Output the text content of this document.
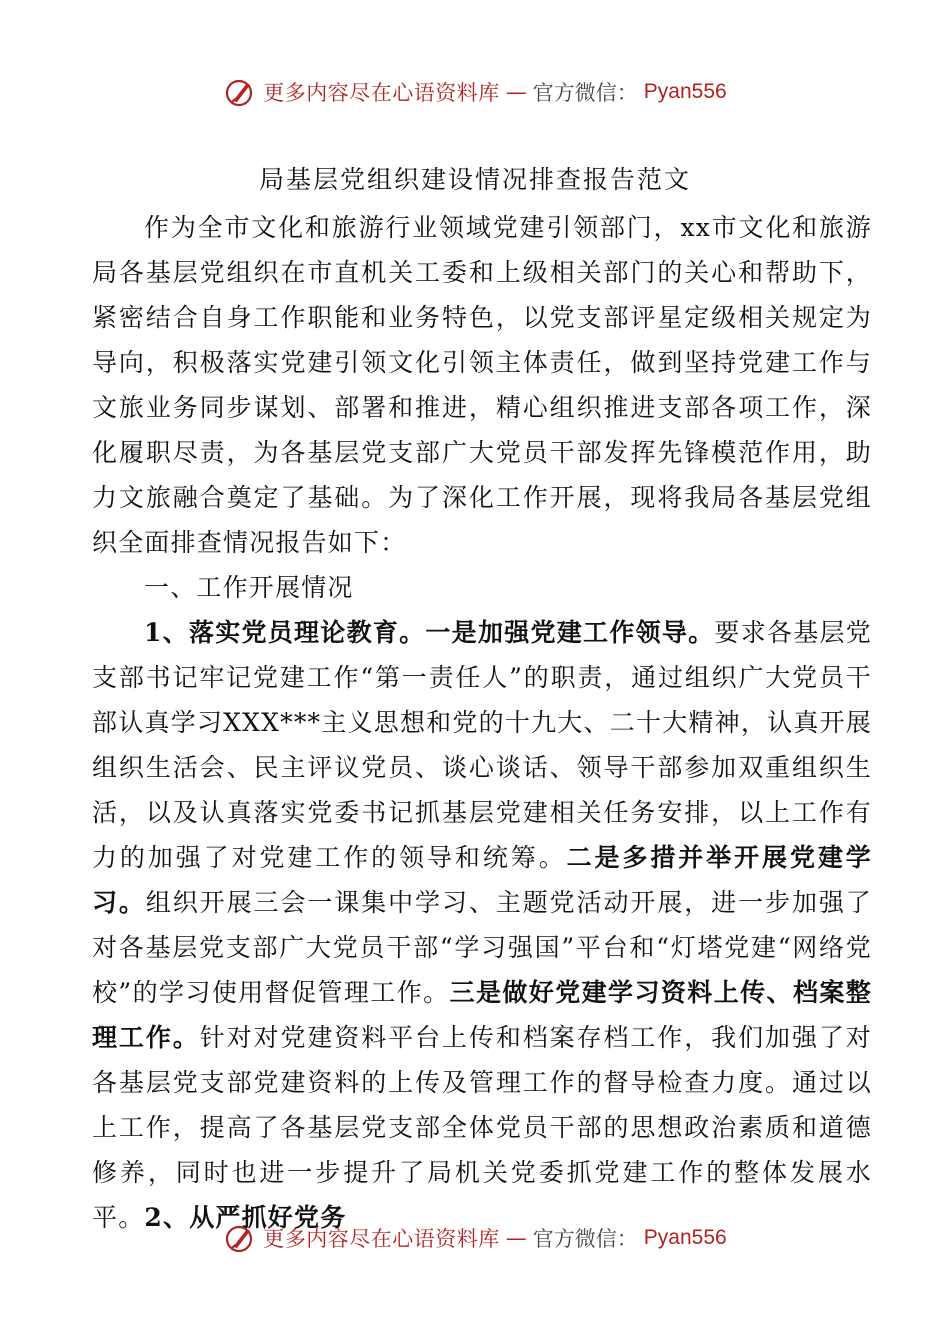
更多内容尽在心语资料库 — 官方微信： Pyan556
局基层党组织建设情况排查报告范文

作为全市文化和旅游行业领域党建引领部门，xx市文化和旅游局各基层党组织在市直机关工委和上级相关部门的关心和帮助下，紧密结合自身工作职能和业务特色，以党支部评星定级相关规定为导向，积极落实党建引领文化引领主体责任，做到坚持党建工作与文旅业务同步谋划、部署和推进，精心组织推进支部各项工作，深化履职尽责，为各基层党支部广大党员干部发挥先锋模范作用，助力文旅融合奠定了基础。为了深化工作开展，现将我局各基层党组织全面排查情况报告如下：

一、工作开展情况

1、落实党员理论教育。一是加强党建工作领导。要求各基层党支部书记牢记党建工作“第一责任人”的职责，通过组织广大党员干部认真学习XXX***主义思想和党的十九大、二十大精神，认真开展组织生活会、民主评议党员、谈心谈话、领导干部参加双重组织生活，以及认真落实党委书记抓基层党建相关任务安排，以上工作有力的加强了对党建工作的领导和统筹。二是多措并举开展党建学习。组织开展三会一课集中学习、主题党活动开展，进一步加强了对各基层党支部广大党员干部“学习强国”平台和“灯塔党建“网络党校”的学习使用督促管理工作。三是做好党建学习资料上传、档案整理工作。针对对党建资料平台上传和档案存档工作，我们加强了对各基层党支部党建资料的上传及管理工作的督导检查力度。通过以上工作，提高了各基层党支部全体党员干部的思想政治素质和道德修养，同时也进一步提升了局机关党委抓党建工作的整体发展水平。2、从严抓好党务

更多内容尽在心语资料库 — 官方微信： Pyan556
